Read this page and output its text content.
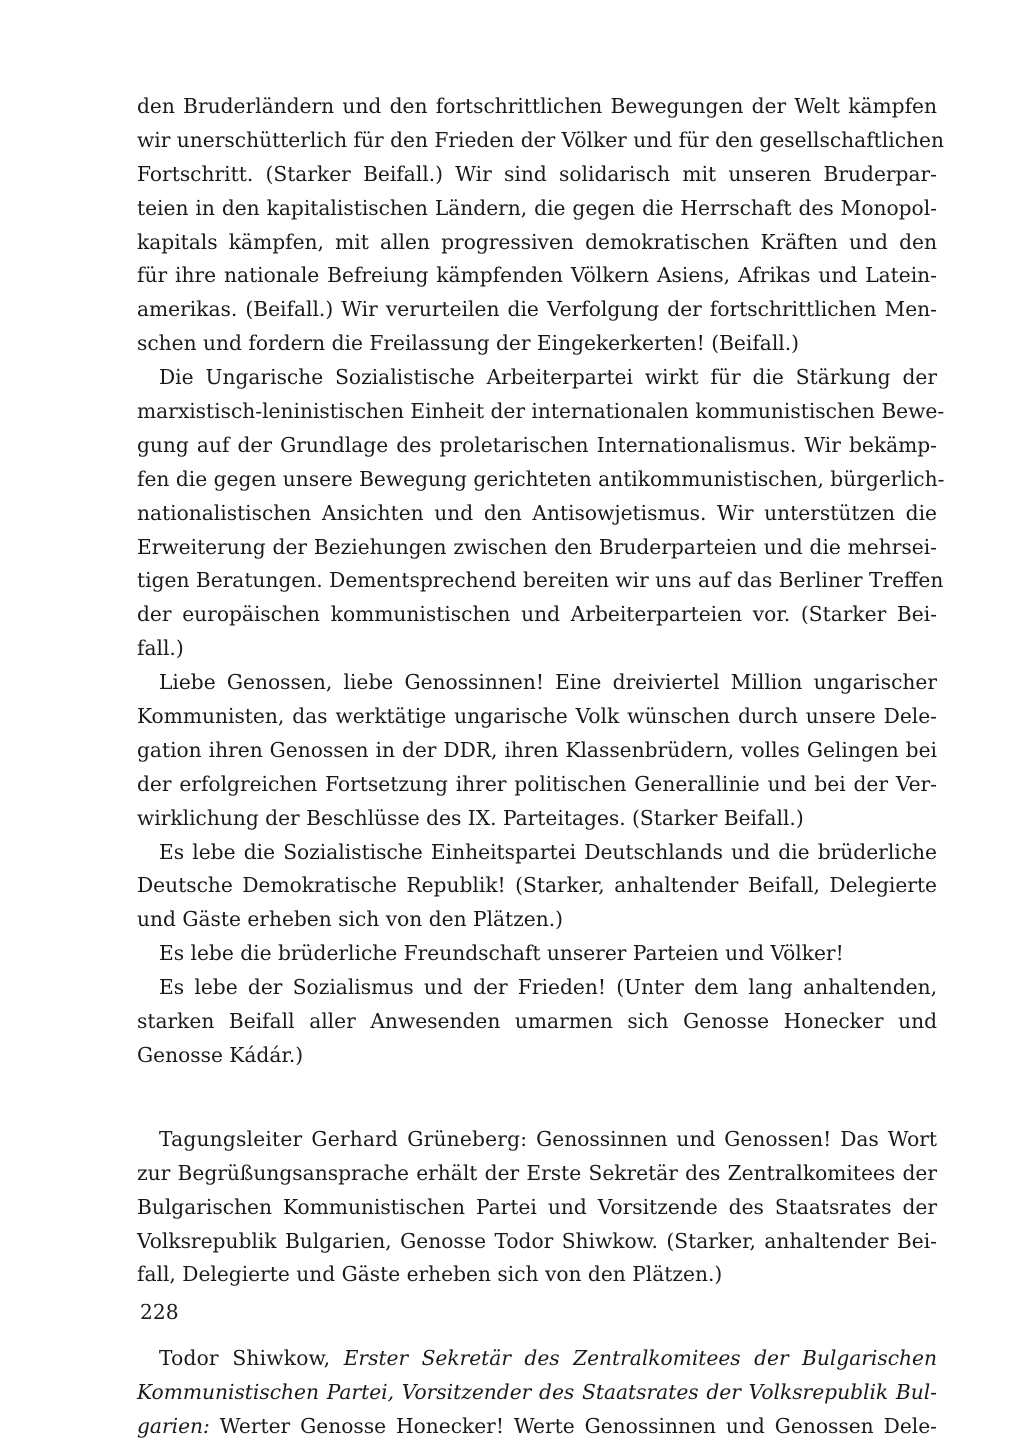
den Bruderländern und den fortschrittlichen Bewegungen der Welt kämpfen
wir unerschütterlich für den Frieden der Völker und für den gesellschaftlichen
Fortschritt. (Starker Beifall.) Wir sind solidarisch mit unseren Bruderpar-
teien in den kapitalistischen Ländern, die gegen die Herrschaft des Monopol-
kapitals kämpfen, mit allen progressiven demokratischen Kräften und den
für ihre nationale Befreiung kämpfenden Völkern Asiens, Afrikas und Latein-
amerikas. (Beifall.) Wir verurteilen die Verfolgung der fortschrittlichen Men-
schen und fordern die Freilassung der Eingekerkerten! (Beifall.)
Die Ungarische Sozialistische Arbeiterpartei wirkt für die Stärkung der
marxistisch-leninistischen Einheit der internationalen kommunistischen Bewe-
gung auf der Grundlage des proletarischen Internationalismus. Wir bekämp-
fen die gegen unsere Bewegung gerichteten antikommunistischen, bürgerlich-
nationalistischen Ansichten und den Antisowjetismus. Wir unterstützen die
Erweiterung der Beziehungen zwischen den Bruderparteien und die mehrsei-
tigen Beratungen. Dementsprechend bereiten wir uns auf das Berliner Treffen
der europäischen kommunistischen und Arbeiterparteien vor. (Starker Bei-
fall.)
Liebe Genossen, liebe Genossinnen! Eine dreiviertel Million ungarischer
Kommunisten, das werktätige ungarische Volk wünschen durch unsere Dele-
gation ihren Genossen in der DDR, ihren Klassenbrüdern, volles Gelingen bei
der erfolgreichen Fortsetzung ihrer politischen Generallinie und bei der Ver-
wirklichung der Beschlüsse des IX. Parteitages. (Starker Beifall.)
Es lebe die Sozialistische Einheitspartei Deutschlands und die brüderliche
Deutsche Demokratische Republik! (Starker, anhaltender Beifall, Delegierte
und Gäste erheben sich von den Plätzen.)
Es lebe die brüderliche Freundschaft unserer Parteien und Völker!
Es lebe der Sozialismus und der Frieden! (Unter dem lang anhaltenden,
starken Beifall aller Anwesenden umarmen sich Genosse Honecker und
Genosse Kádár.)
Tagungsleiter Gerhard Grüneberg: Genossinnen und Genossen! Das Wort
zur Begrüßungsansprache erhält der Erste Sekretär des Zentralkomitees der
Bulgarischen Kommunistischen Partei und Vorsitzende des Staatsrates der
Volksrepublik Bulgarien, Genosse Todor Shiwkow. (Starker, anhaltender Bei-
fall, Delegierte und Gäste erheben sich von den Plätzen.)
Todor Shiwkow, Erster Sekretär des Zentralkomitees der Bulgarischen
Kommunistischen Partei, Vorsitzender des Staatsrates der Volksrepublik Bul-
garien: Werter Genosse Honecker! Werte Genossinnen und Genossen Dele-
228
